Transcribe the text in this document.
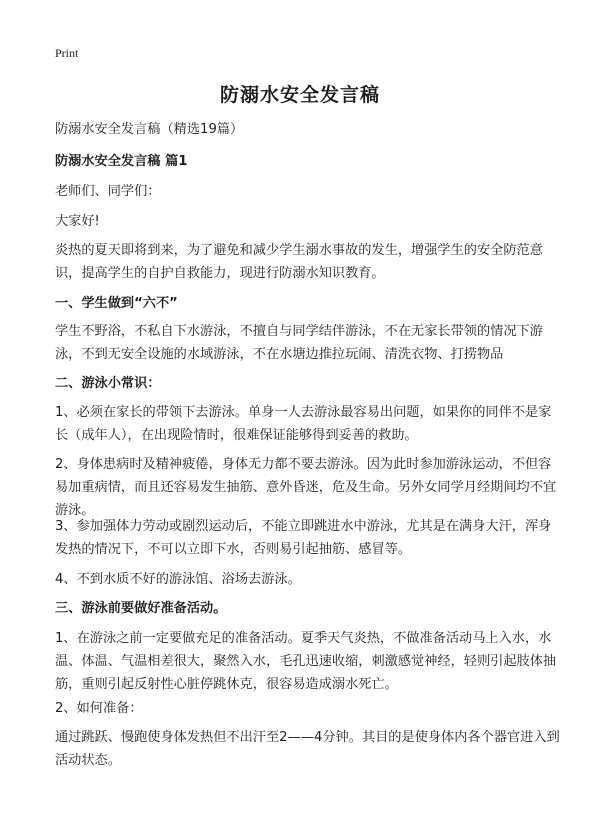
Print
防溺水安全发言稿
防溺水安全发言稿（精选19篇）
防溺水安全发言稿 篇1
老师们、同学们：
大家好!
炎热的夏天即将到来，为了避免和减少学生溺水事故的发生，增强学生的安全防范意识，提高学生的自护自救能力，现进行防溺水知识教育。
一、学生做到“六不”
学生不野浴，不私自下水游泳，不擅自与同学结伴游泳，不在无家长带领的情况下游泳，不到无安全设施的水域游泳，不在水塘边推拉玩闹、清洗衣物、打捞物品
二、游泳小常识：
1、必须在家长的带领下去游泳。单身一人去游泳最容易出问题，如果你的同伴不是家长（成年人），在出现险情时，很难保证能够得到妥善的救助。
2、身体患病时及精神疲倦，身体无力都不要去游泳。因为此时参加游泳运动，不但容易加重病情，而且还容易发生抽筋、意外昏迷，危及生命。另外女同学月经期间均不宜游泳。
3、参加强体力劳动或剧烈运动后，不能立即跳进水中游泳，尤其是在满身大汗，浑身发热的情况下，不可以立即下水，否则易引起抽筋、感冒等。
4、不到水质不好的游泳馆、浴场去游泳。
三、游泳前要做好准备活动。
1、在游泳之前一定要做充足的准备活动。夏季天气炎热，不做准备活动马上入水，水温、体温、气温相差很大，聚然入水，毛孔迅速收缩，刺激感觉神经，轻则引起肢体抽筋，重则引起反射性心脏停跳休克，很容易造成溺水死亡。
2、如何准备：
通过跳跃、慢跑使身体发热但不出汗至2——4分钟。其目的是使身体内各个器官进入到活动状态。
